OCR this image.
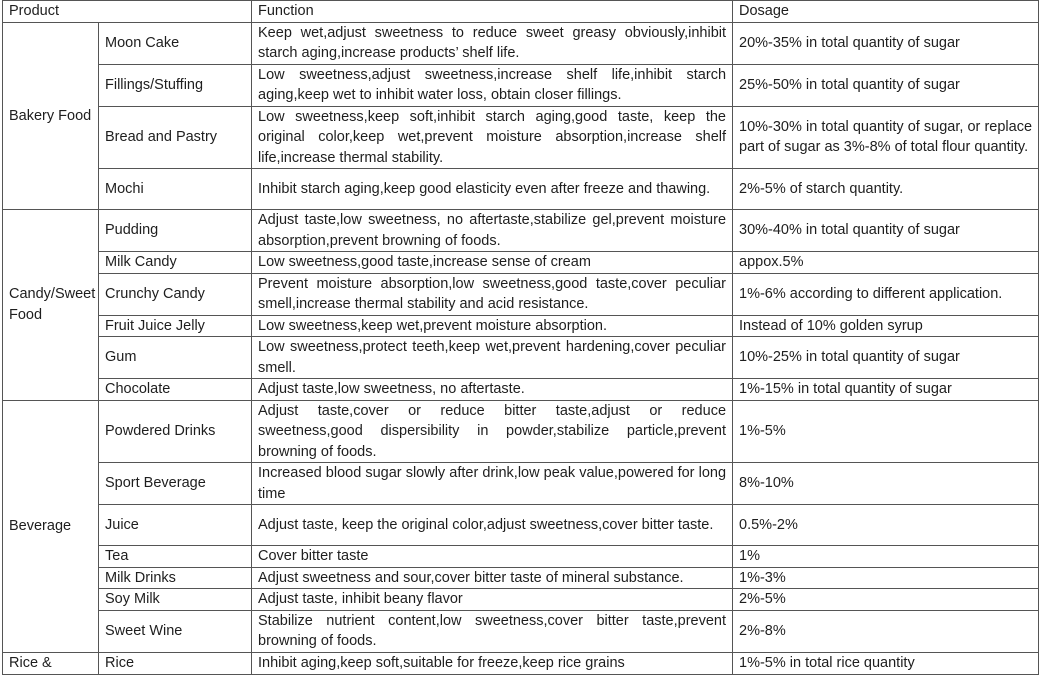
Product		Function	Dosage
Bakery Food	Moon Cake	Keep wet,adjust sweetness to reduce sweet greasy obviously,inhibit starch aging,increase products’ shelf life.	20%-35% in total quantity of sugar
	Fillings/Stuffing	Low sweetness,adjust sweetness,increase shelf life,inhibit starch aging,keep wet to inhibit water loss, obtain closer fillings.	25%-50% in total quantity of sugar
	Bread and Pastry	Low sweetness,keep soft,inhibit starch aging,good taste, keep the original color,keep wet,prevent moisture absorption,increase shelf life,increase thermal stability.	10%-30% in total quantity of sugar, or replace part of sugar as 3%-8% of total flour quantity.
	Mochi	Inhibit starch aging,keep good elasticity even after freeze and thawing.	2%-5% of starch quantity.
Candy/Sweet Food	Pudding	Adjust taste,low sweetness, no aftertaste,stabilize gel,prevent moisture absorption,prevent browning of foods.	30%-40% in total quantity of sugar
	Milk Candy	Low sweetness,good taste,increase sense of cream	appox.5%
	Crunchy Candy	Prevent moisture absorption,low sweetness,good taste,cover peculiar smell,increase thermal stability and acid resistance.	1%-6% according to different application.
	Fruit Juice Jelly	Low sweetness,keep wet,prevent moisture absorption.	Instead of 10% golden syrup
	Gum	Low sweetness,protect teeth,keep wet,prevent hardening,cover peculiar smell.	10%-25% in total quantity of sugar
	Chocolate	Adjust taste,low sweetness, no aftertaste.	1%-15% in total quantity of sugar
Beverage	Powdered Drinks	Adjust taste,cover or reduce bitter taste,adjust or reduce sweetness,good dispersibility in powder,stabilize particle,prevent browning of foods.	1%-5%
	Sport Beverage	Increased blood sugar slowly after drink,low peak value,powered for long time	8%-10%
	Juice	Adjust taste, keep the original color,adjust sweetness,cover bitter taste.	0.5%-2%
	Tea	Cover bitter taste	1%
	Milk Drinks	Adjust sweetness and sour,cover bitter taste of mineral substance.	1%-3%
	Soy Milk	Adjust taste, inhibit beany flavor	2%-5%
	Sweet Wine	Stabilize nutrient content,low sweetness,cover bitter taste,prevent browning of foods.	2%-8%
Rice &	Rice	Inhibit aging,keep soft,suitable for freeze,keep rice grains	1%-5% in total rice quantity
